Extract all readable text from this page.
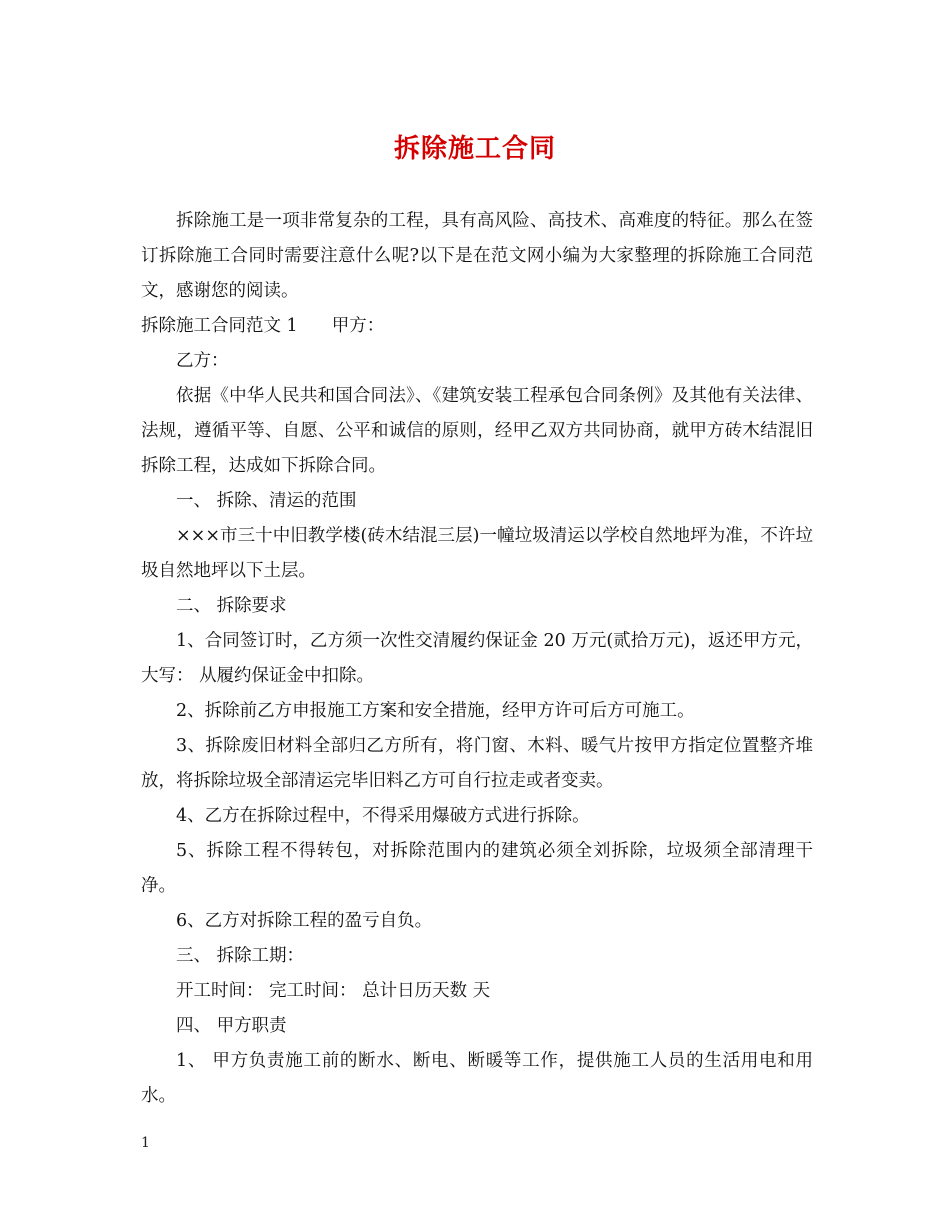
拆除施工合同

拆除施工是一项非常复杂的工程，具有高风险、高技术、高难度的特征。那么在签订拆除施工合同时需要注意什么呢?以下是在范文网小编为大家整理的拆除施工合同范文，感谢您的阅读。

拆除施工合同范文 1 甲方：

乙方：

依据《中华人民共和国合同法》、《建筑安装工程承包合同条例》及其他有关法律、法规，遵循平等、自愿、公平和诚信的原则，经甲乙双方共同协商，就甲方砖木结混旧拆除工程，达成如下拆除合同。

一、 拆除、清运的范围

×××市三十中旧教学楼(砖木结混三层)一幢垃圾清运以学校自然地坪为准，不许垃圾自然地坪以下土层。

二、 拆除要求

1、合同签订时，乙方须一次性交清履约保证金 20 万元(贰拾万元)，返还甲方元，大写： 从履约保证金中扣除。

2、拆除前乙方申报施工方案和安全措施，经甲方许可后方可施工。

3、拆除废旧材料全部归乙方所有，将门窗、木料、暖气片按甲方指定位置整齐堆放，将拆除垃圾全部清运完毕旧料乙方可自行拉走或者变卖。

4、乙方在拆除过程中，不得采用爆破方式进行拆除。

5、拆除工程不得转包，对拆除范围内的建筑必须全刘拆除，垃圾须全部清理干净。

6、乙方对拆除工程的盈亏自负。

三、 拆除工期：

开工时间： 完工时间： 总计日历天数 天

四、 甲方职责

1、 甲方负责施工前的断水、断电、断暖等工作，提供施工人员的生活用电和用水。

1
